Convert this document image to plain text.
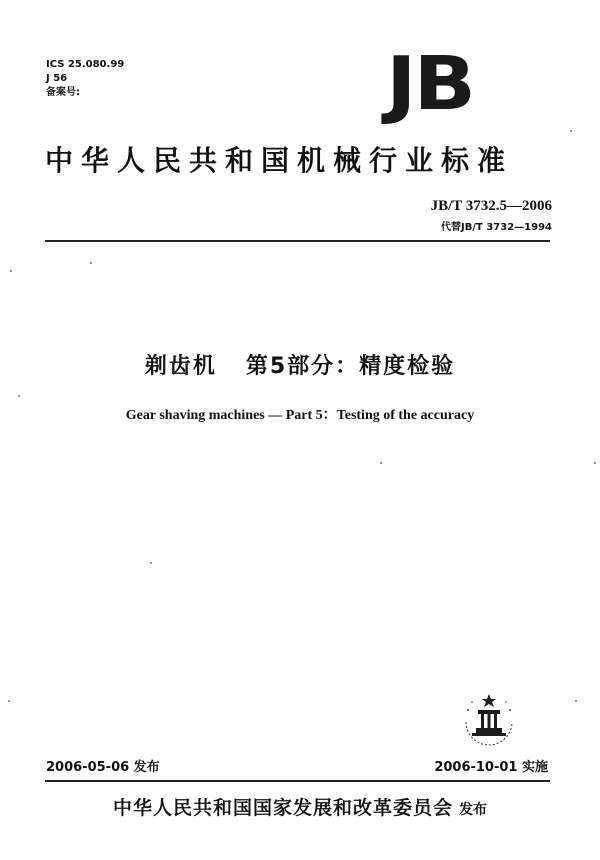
ICS 25.080.99
J 56
备案号:	JB
中华人民共和国机械行业标准
JB/T 3732.5—2006
代替JB/T 3732—1994
剃齿机   第5部分：精度检验
Gear shaving machines — Part 5：Testing of the accuracy
2006-05-06 发布	2006-10-01 实施
中华人民共和国国家发展和改革委员会 发布
